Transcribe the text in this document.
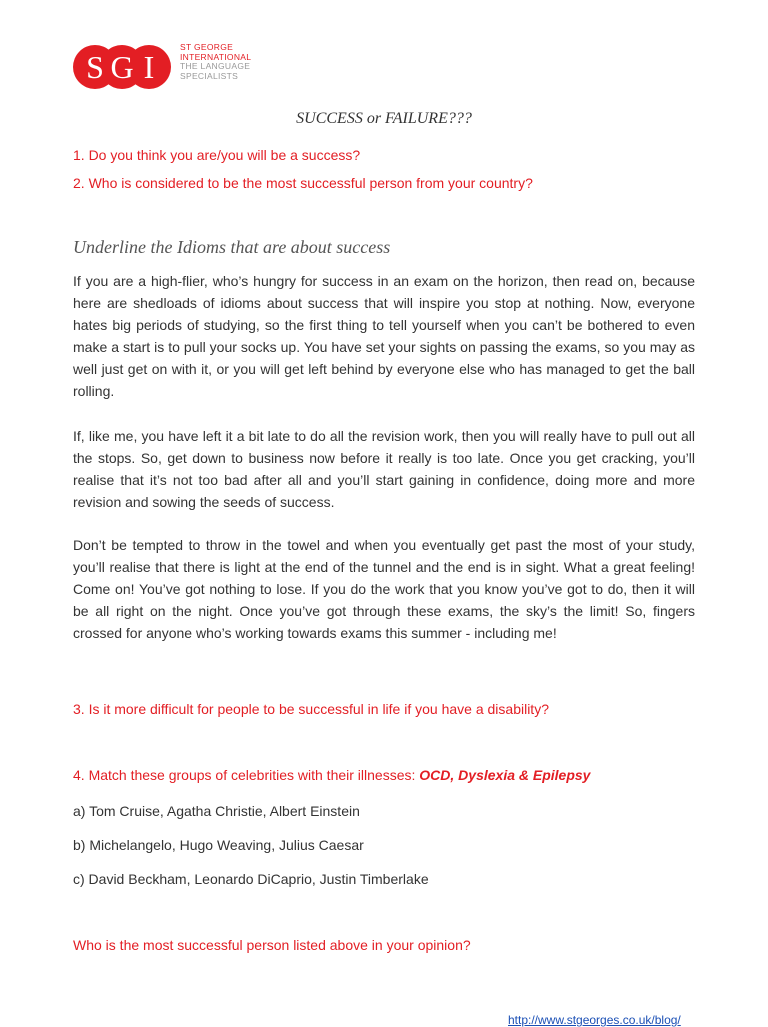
S G I
ST GEORGE
INTERNATIONAL
THE LANGUAGE
SPECIALISTS
SUCCESS or FAILURE???
1. Do you think you are/you will be a success?
2. Who is considered to be the most successful person from your country?
Underline the Idioms that are about success
If you are a high-flier, who’s hungry for success in an exam on the horizon, then read on, because here are shedloads of idioms about success that will inspire you stop at nothing. Now, everyone hates big periods of studying, so the first thing to tell yourself when you can’t be bothered to even make a start is to pull your socks up. You have set your sights on passing the exams, so you may as well just get on with it, or you will get left behind by everyone else who has managed to get the ball rolling.
If, like me, you have left it a bit late to do all the revision work, then you will really have to pull out all the stops. So, get down to business now before it really is too late. Once you get cracking, you’ll realise that it’s not too bad after all and you’ll start gaining in confidence, doing more and more revision and sowing the seeds of success.
Don’t be tempted to throw in the towel and when you eventually get past the most of your study, you’ll realise that there is light at the end of the tunnel and the end is in sight. What a great feeling! Come on! You’ve got nothing to lose. If you do the work that you know you’ve got to do, then it will be all right on the night. Once you’ve got through these exams, the sky’s the limit! So, fingers crossed for anyone who’s working towards exams this summer - including me!
3. Is it more difficult for people to be successful in life if you have a disability?
4. Match these groups of celebrities with their illnesses: OCD, Dyslexia & Epilepsy
a) Tom Cruise, Agatha Christie, Albert Einstein
b) Michelangelo, Hugo Weaving, Julius Caesar
c) David Beckham, Leonardo DiCaprio, Justin Timberlake
Who is the most successful person listed above in your opinion?
http://www.stgeorges.co.uk/blog/
